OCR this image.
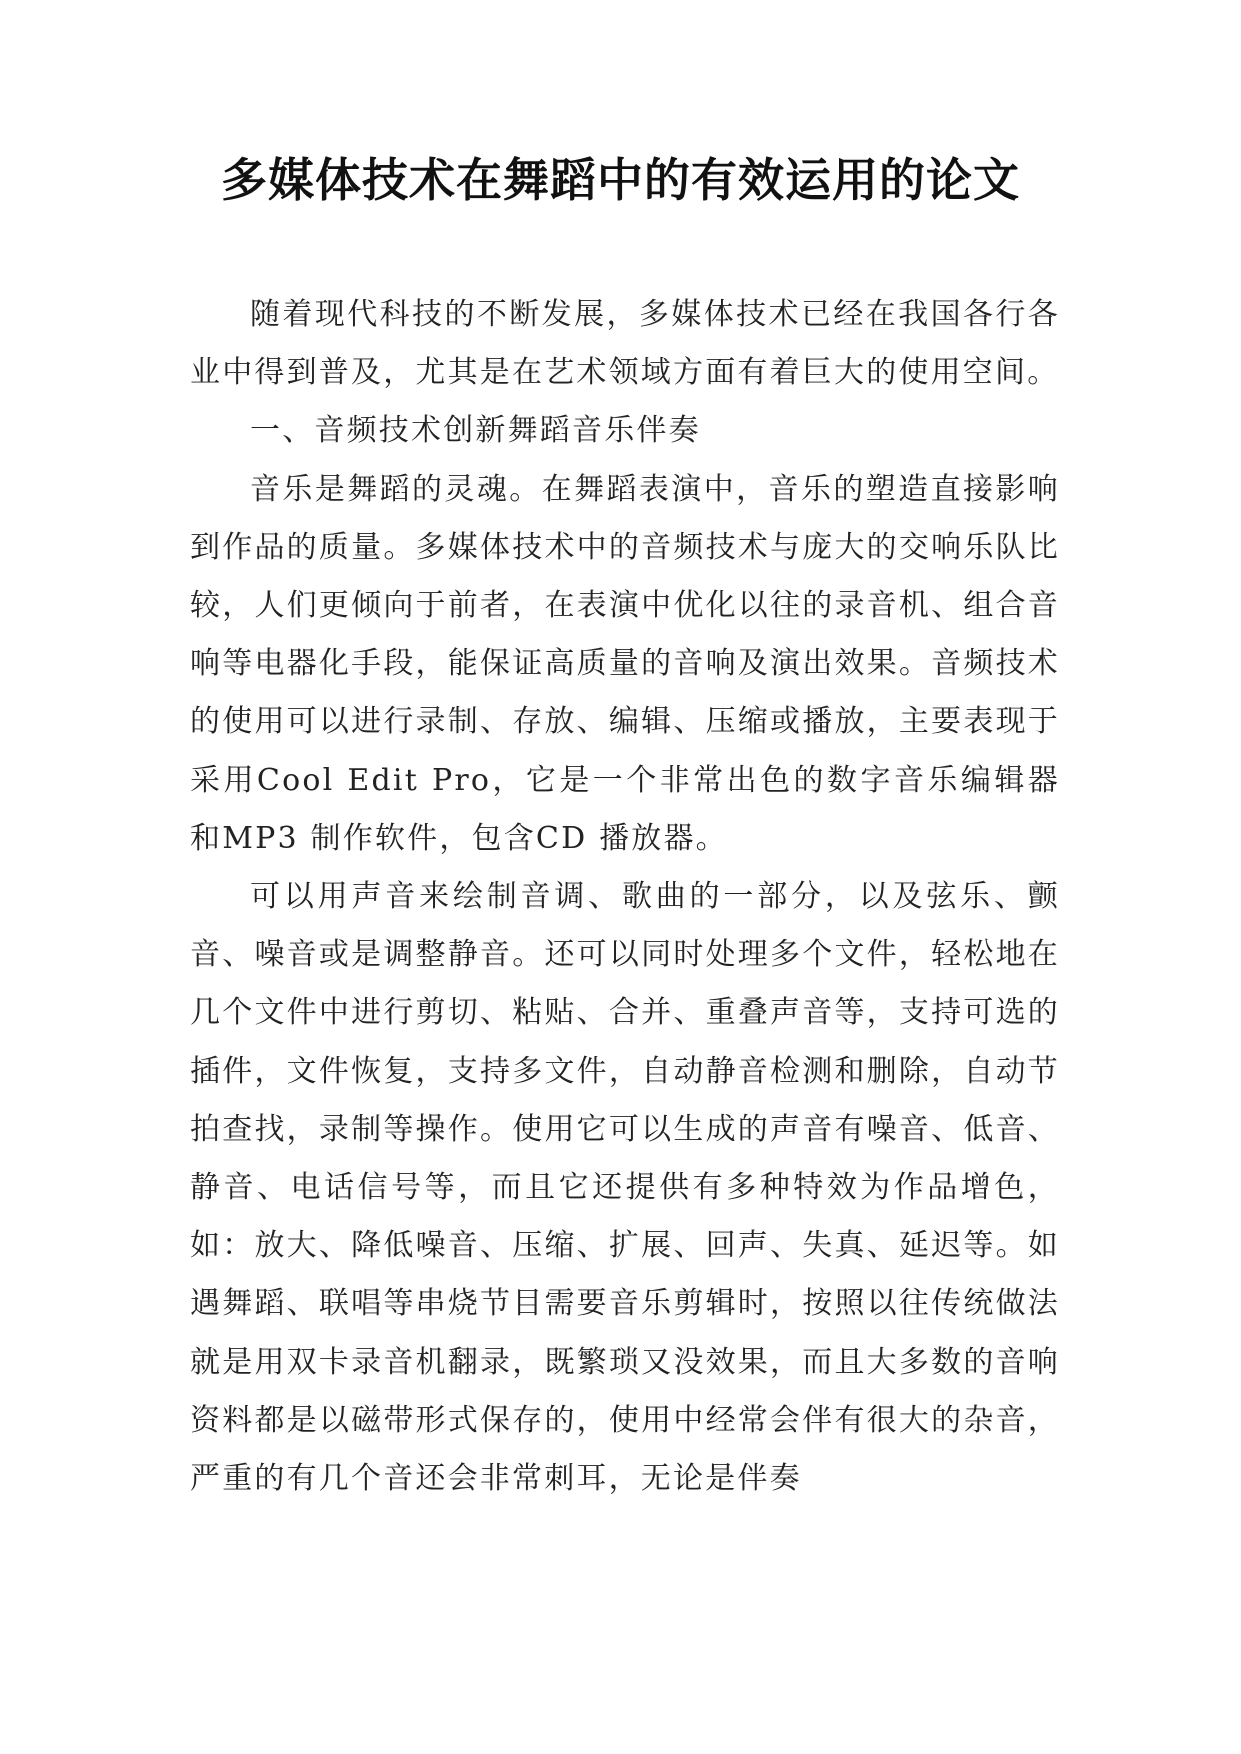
多媒体技术在舞蹈中的有效运用的论文

随着现代科技的不断发展，多媒体技术已经在我国各行各业中得到普及，尤其是在艺术领域方面有着巨大的使用空间。

一、音频技术创新舞蹈音乐伴奏

音乐是舞蹈的灵魂。在舞蹈表演中，音乐的塑造直接影响到作品的质量。多媒体技术中的音频技术与庞大的交响乐队比较，人们更倾向于前者，在表演中优化以往的录音机、组合音响等电器化手段，能保证高质量的音响及演出效果。音频技术的使用可以进行录制、存放、编辑、压缩或播放，主要表现于采用Cool Edit Pro，它是一个非常出色的数字音乐编辑器和MP3 制作软件，包含CD 播放器。

可以用声音来绘制音调、歌曲的一部分，以及弦乐、颤音、噪音或是调整静音。还可以同时处理多个文件，轻松地在几个文件中进行剪切、粘贴、合并、重叠声音等，支持可选的插件，文件恢复，支持多文件，自动静音检测和删除，自动节拍查找，录制等操作。使用它可以生成的声音有噪音、低音、静音、电话信号等，而且它还提供有多种特效为作品增色，如：放大、降低噪音、压缩、扩展、回声、失真、延迟等。如遇舞蹈、联唱等串烧节目需要音乐剪辑时，按照以往传统做法就是用双卡录音机翻录，既繁琐又没效果，而且大多数的音响资料都是以磁带形式保存的，使用中经常会伴有很大的杂音，严重的有几个音还会非常刺耳，无论是伴奏
